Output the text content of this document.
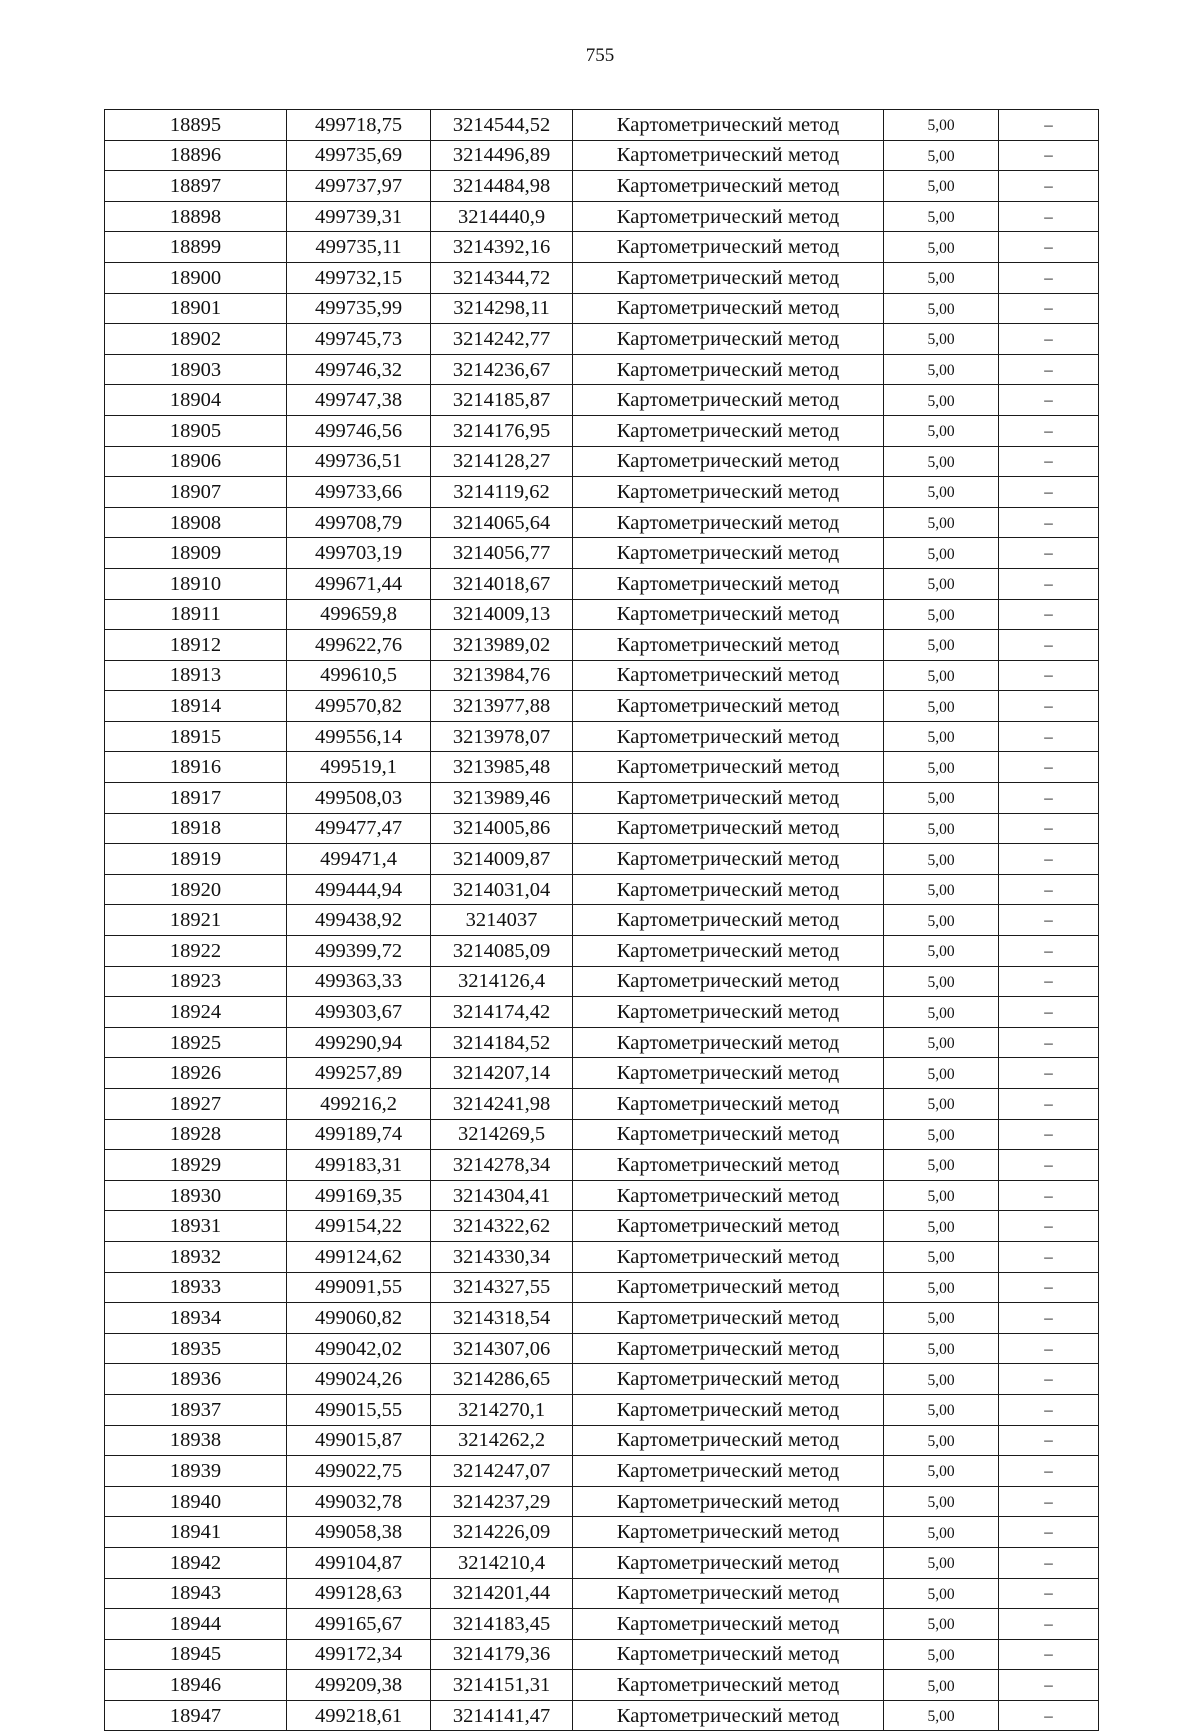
755
18895	499718,75	3214544,52	Картометрический метод	5,00	–
18896	499735,69	3214496,89	Картометрический метод	5,00	–
18897	499737,97	3214484,98	Картометрический метод	5,00	–
18898	499739,31	3214440,9	Картометрический метод	5,00	–
18899	499735,11	3214392,16	Картометрический метод	5,00	–
18900	499732,15	3214344,72	Картометрический метод	5,00	–
18901	499735,99	3214298,11	Картометрический метод	5,00	–
18902	499745,73	3214242,77	Картометрический метод	5,00	–
18903	499746,32	3214236,67	Картометрический метод	5,00	–
18904	499747,38	3214185,87	Картометрический метод	5,00	–
18905	499746,56	3214176,95	Картометрический метод	5,00	–
18906	499736,51	3214128,27	Картометрический метод	5,00	–
18907	499733,66	3214119,62	Картометрический метод	5,00	–
18908	499708,79	3214065,64	Картометрический метод	5,00	–
18909	499703,19	3214056,77	Картометрический метод	5,00	–
18910	499671,44	3214018,67	Картометрический метод	5,00	–
18911	499659,8	3214009,13	Картометрический метод	5,00	–
18912	499622,76	3213989,02	Картометрический метод	5,00	–
18913	499610,5	3213984,76	Картометрический метод	5,00	–
18914	499570,82	3213977,88	Картометрический метод	5,00	–
18915	499556,14	3213978,07	Картометрический метод	5,00	–
18916	499519,1	3213985,48	Картометрический метод	5,00	–
18917	499508,03	3213989,46	Картометрический метод	5,00	–
18918	499477,47	3214005,86	Картометрический метод	5,00	–
18919	499471,4	3214009,87	Картометрический метод	5,00	–
18920	499444,94	3214031,04	Картометрический метод	5,00	–
18921	499438,92	3214037	Картометрический метод	5,00	–
18922	499399,72	3214085,09	Картометрический метод	5,00	–
18923	499363,33	3214126,4	Картометрический метод	5,00	–
18924	499303,67	3214174,42	Картометрический метод	5,00	–
18925	499290,94	3214184,52	Картометрический метод	5,00	–
18926	499257,89	3214207,14	Картометрический метод	5,00	–
18927	499216,2	3214241,98	Картометрический метод	5,00	–
18928	499189,74	3214269,5	Картометрический метод	5,00	–
18929	499183,31	3214278,34	Картометрический метод	5,00	–
18930	499169,35	3214304,41	Картометрический метод	5,00	–
18931	499154,22	3214322,62	Картометрический метод	5,00	–
18932	499124,62	3214330,34	Картометрический метод	5,00	–
18933	499091,55	3214327,55	Картометрический метод	5,00	–
18934	499060,82	3214318,54	Картометрический метод	5,00	–
18935	499042,02	3214307,06	Картометрический метод	5,00	–
18936	499024,26	3214286,65	Картометрический метод	5,00	–
18937	499015,55	3214270,1	Картометрический метод	5,00	–
18938	499015,87	3214262,2	Картометрический метод	5,00	–
18939	499022,75	3214247,07	Картометрический метод	5,00	–
18940	499032,78	3214237,29	Картометрический метод	5,00	–
18941	499058,38	3214226,09	Картометрический метод	5,00	–
18942	499104,87	3214210,4	Картометрический метод	5,00	–
18943	499128,63	3214201,44	Картометрический метод	5,00	–
18944	499165,67	3214183,45	Картометрический метод	5,00	–
18945	499172,34	3214179,36	Картометрический метод	5,00	–
18946	499209,38	3214151,31	Картометрический метод	5,00	–
18947	499218,61	3214141,47	Картометрический метод	5,00	–
